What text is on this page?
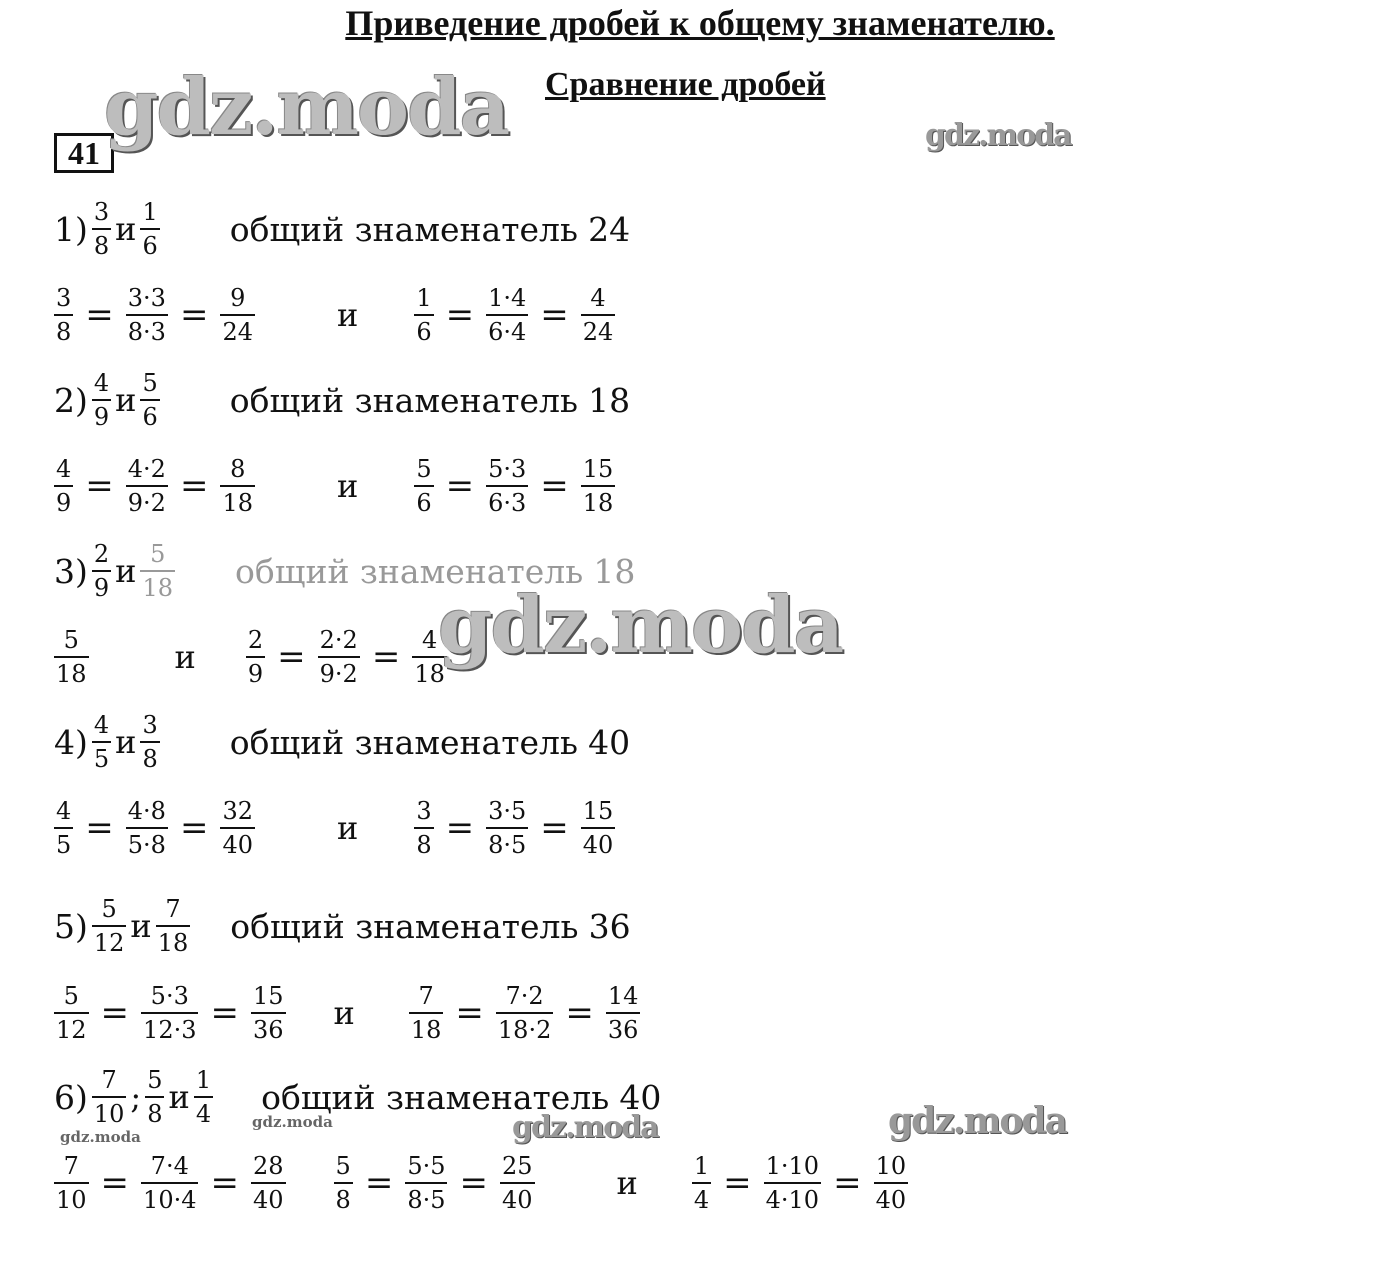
Приведение дробей к общему знаменателю.
Сравнение дробей
41
$1) \frac{3}{8}$ и $\frac{1}{6}$ общий знаменатель
24
$\frac{3}{8} = \frac{3\cdot 3}{8\cdot 3} = \frac{9}{24}$	и $\frac{1}{6} = \frac{1\cdot 4}{6\cdot 4} = \frac{4}{24}$
$2) \frac{4}{9}$ и $\frac{5}{6}$ общий знаменатель
18
$\frac{4}{9} = \frac{4\cdot 2}{9\cdot 2} = \frac{8}{18}$	и $\frac{5}{6} = \frac{5\cdot 3}{6\cdot 3} = \frac{15}{18}$
$3) \frac{2}{9}$ и $\frac{5}{18}$ общий знаменатель
18
$\frac{5}{18}$	и $\frac{2}{9} = \frac{2\cdot 2}{9\cdot 2} = \frac{4}{18}$
$4) \frac{4}{5}$ и $\frac{3}{8}$ общий знаменатель
40
$\frac{4}{5} = \frac{4\cdot 8}{5\cdot 8} = \frac{32}{40}$	и $\frac{3}{8} = \frac{3\cdot 5}{8\cdot 5} = \frac{15}{40}$
$5) \frac{5}{12}$ и $\frac{7}{18}$ общий знаменатель
36
$\frac{5}{12} = \frac{5\cdot 3}{12\cdot 3} = \frac{15}{36}$ и $\frac{7}{18} = \frac{7\cdot 2}{18\cdot 2} = \frac{14}{36}$
$6) \frac{7}{10}$ ; $\frac{5}{8}$ и $\frac{1}{4}$ общий знаменатель
40
$\frac{7}{10} = \frac{7\cdot 4}{10\cdot 4} = \frac{28}{40} \frac{5}{8} = \frac{5\cdot 5}{8\cdot 5} = \frac{25}{40}$	и $\frac{1}{4} = \frac{1\cdot 10}{4\cdot 10} = \frac{10}{40}$
gdz.moda	gdz.moda
gdz.moda
gdz.moda
gdz.moda	gdz.moda	gdz.moda
